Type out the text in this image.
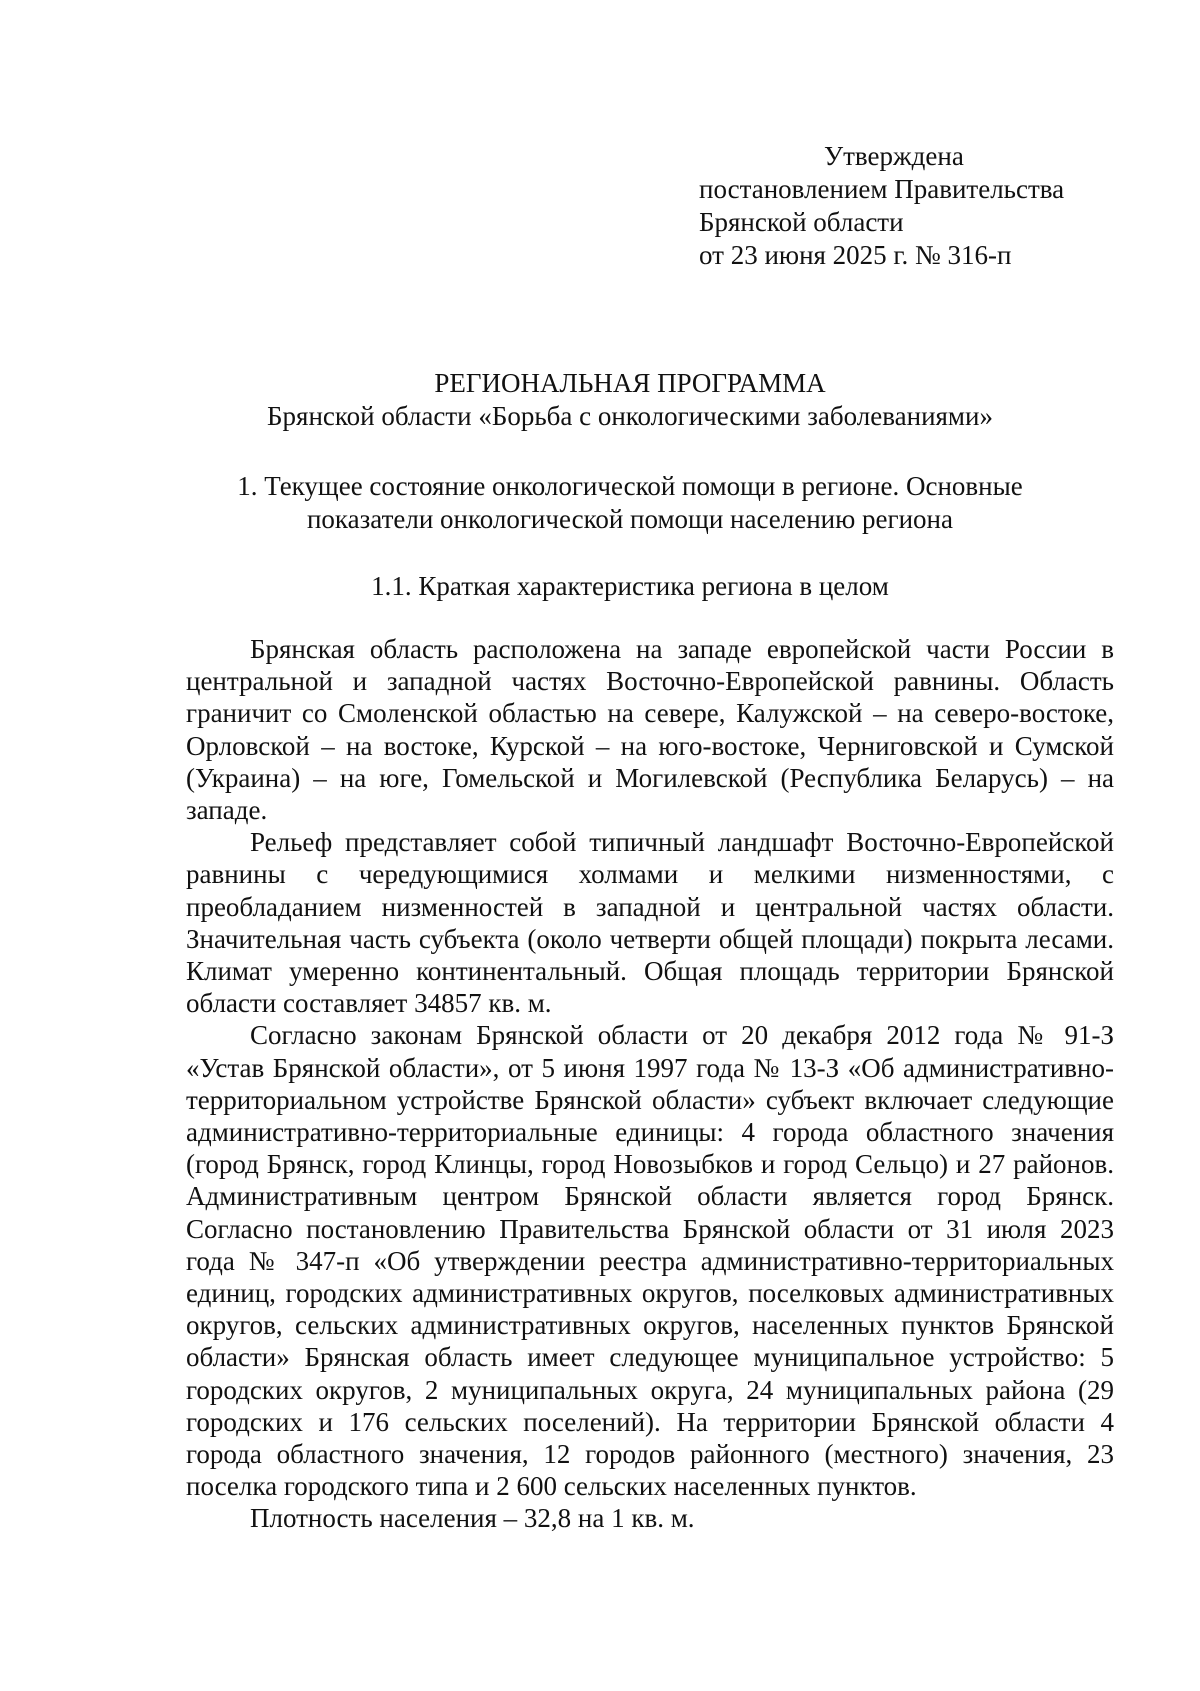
Утверждена
постановлением Правительства
Брянской области
от 23 июня 2025 г. № 316-п
РЕГИОНАЛЬНАЯ ПРОГРАММА
Брянской области «Борьба с онкологическими заболеваниями»
1. Текущее состояние онкологической помощи в регионе. Основные показатели онкологической помощи населению региона
1.1. Краткая характеристика региона в целом

Брянская область расположена на западе европейской части России в центральной и западной частях Восточно-Европейской равнины. Область граничит со Смоленской областью на севере, Калужской – на северо-востоке, Орловской – на востоке, Курской – на юго-востоке, Черниговской и Сумской (Украина) – на юге, Гомельской и Могилевской (Республика Беларусь) – на западе.

Рельеф представляет собой типичный ландшафт Восточно-Европейской равнины с чередующимися холмами и мелкими низменностями, с преобладанием низменностей в западной и центральной частях области. Значительная часть субъекта (около четверти общей площади) покрыта лесами. Климат умеренно континентальный. Общая площадь территории Брянской области составляет 34857 кв. м.

Согласно законам Брянской области от 20 декабря 2012 года № 91-З «Устав Брянской области», от 5 июня 1997 года № 13-З «Об административно-территориальном устройстве Брянской области» субъект включает следующие административно-территориальные единицы: 4 города областного значения (город Брянск, город Клинцы, город Новозыбков и город Сельцо) и 27 районов. Административным центром Брянской области является город Брянск. Согласно постановлению Правительства Брянской области от 31 июля 2023 года № 347-п «Об утверждении реестра административно-территориальных единиц, городских административных округов, поселковых административных округов, сельских административных округов, населенных пунктов Брянской области» Брянская область имеет следующее муниципальное устройство: 5 городских округов, 2 муниципальных округа, 24 муниципальных района (29 городских и 176 сельских поселений). На территории Брянской области 4 города областного значения, 12 городов районного (местного) значения, 23 поселка городского типа и 2 600 сельских населенных пунктов.

Плотность населения – 32,8 на 1 кв. м.
